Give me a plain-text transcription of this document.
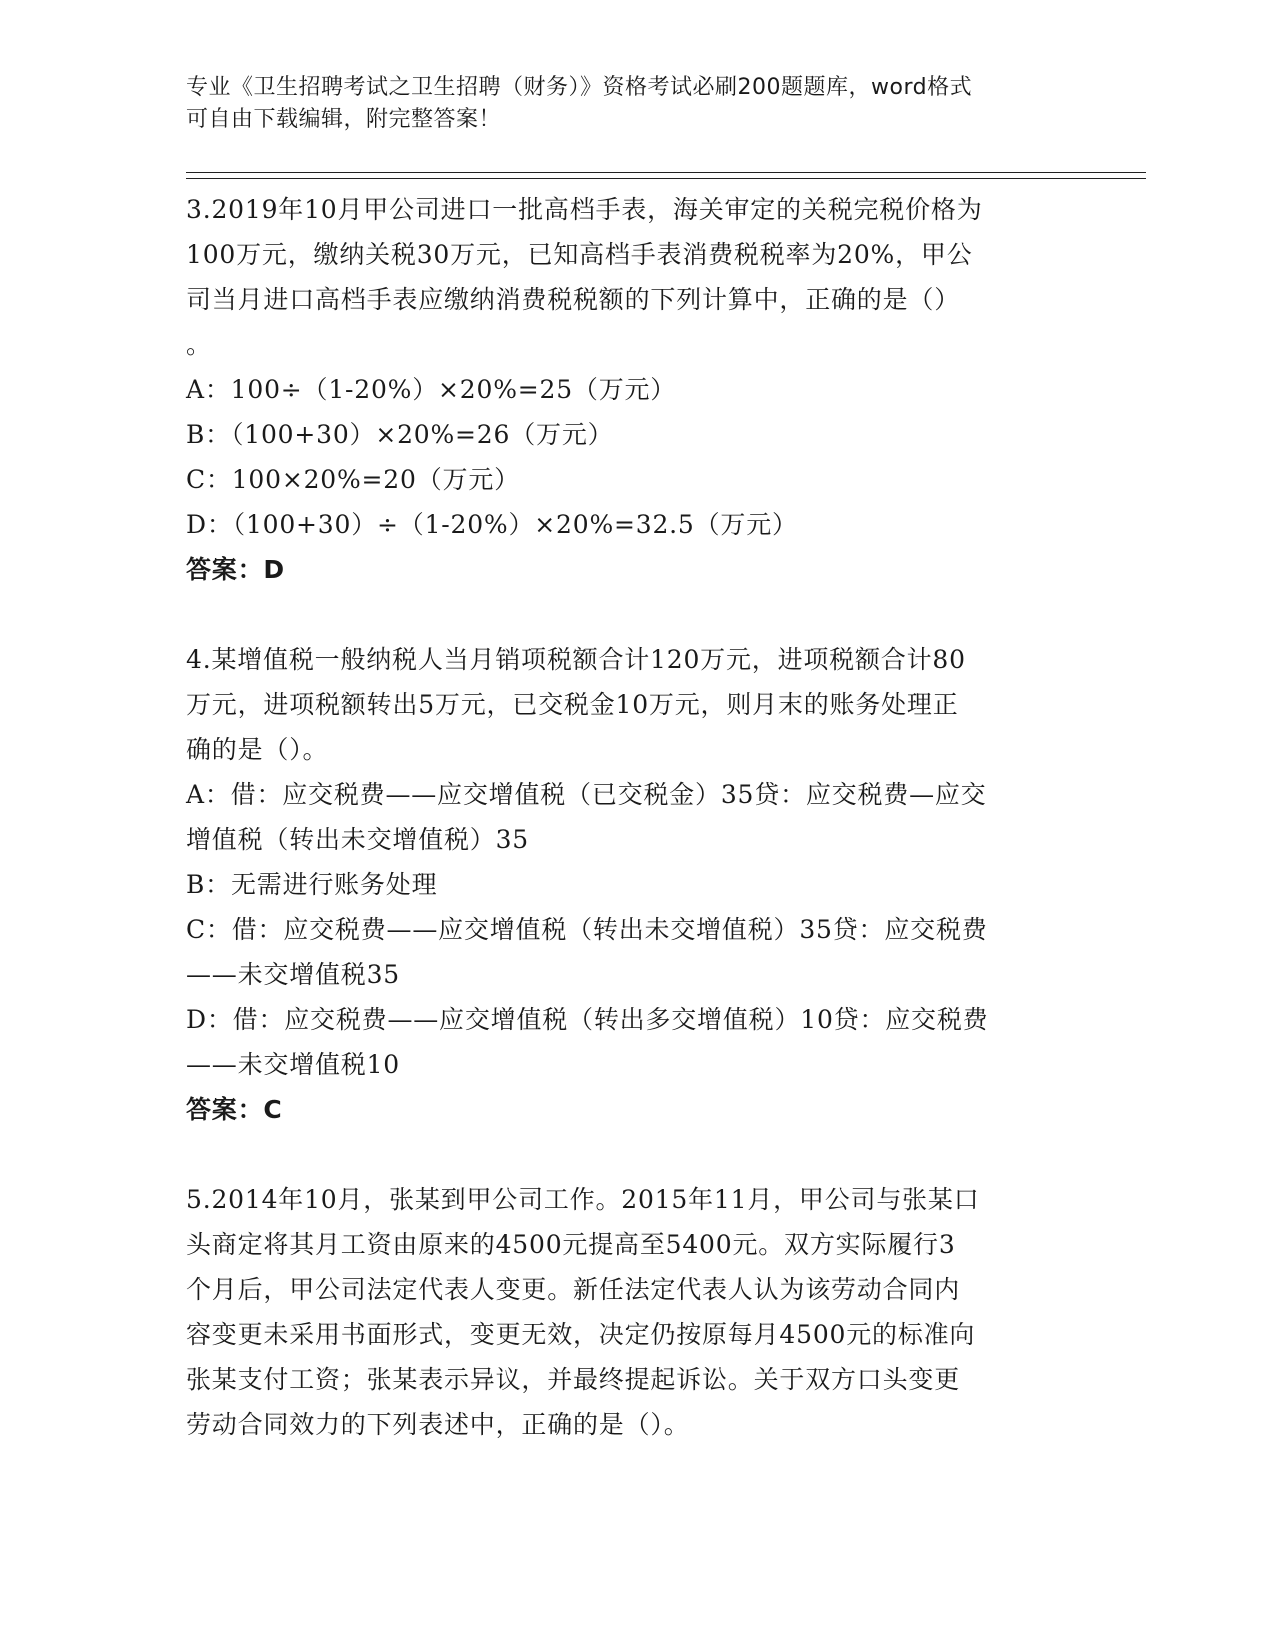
专业《卫生招聘考试之卫生招聘（财务）》资格考试必刷200题题库，word格式
可自由下载编辑，附完整答案！

3.2019年10月甲公司进口一批高档手表，海关审定的关税完税价格为

100万元，缴纳关税30万元，已知高档手表消费税税率为20%，甲公

司当月进口高档手表应缴纳消费税税额的下列计算中，正确的是（）

。

A：100÷（1-20%）×20%=25（万元）

B：（100+30）×20%=26（万元）

C：100×20%=20（万元）

D：（100+30）÷（1-20%）×20%=32.5（万元）

答案：D

4.某增值税一般纳税人当月销项税额合计120万元，进项税额合计80

万元，进项税额转出5万元，已交税金10万元，则月末的账务处理正

确的是（）。

A：借：应交税费——应交增值税（已交税金）35贷：应交税费—应交

增值税（转出未交增值税）35

B：无需进行账务处理

C：借：应交税费——应交增值税（转出未交增值税）35贷：应交税费

——未交增值税35

D：借：应交税费——应交增值税（转出多交增值税）10贷：应交税费

——未交增值税10

答案：C

5.2014年10月，张某到甲公司工作。2015年11月，甲公司与张某口

头商定将其月工资由原来的4500元提高至5400元。双方实际履行3

个月后，甲公司法定代表人变更。新任法定代表人认为该劳动合同内

容变更未采用书面形式，变更无效，决定仍按原每月4500元的标准向

张某支付工资；张某表示异议，并最终提起诉讼。关于双方口头变更

劳动合同效力的下列表述中，正确的是（）。
